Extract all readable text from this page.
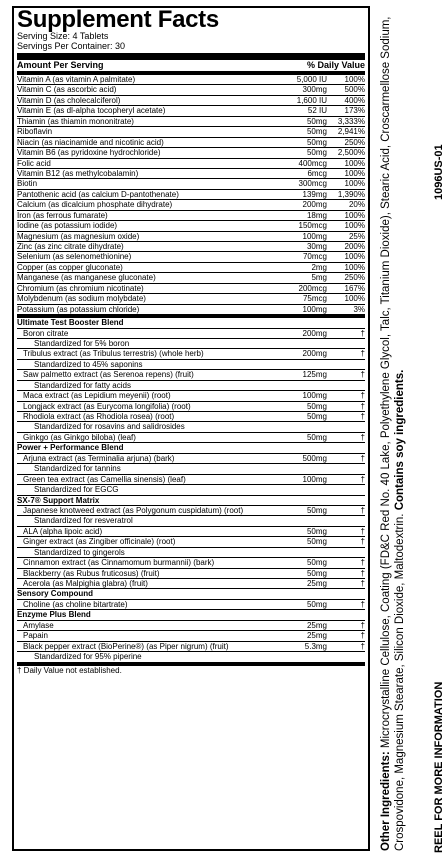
Supplement Facts
Serving Size: 4 Tablets
Servings Per Container: 30
Amount Per Serving	% Daily Value
Vitamin A (as vitamin A palmitate)	5,000 IU	100%
Vitamin C (as ascorbic acid)	300mg	500%
Vitamin D (as cholecalciferol)	1,600 IU	400%
Vitamin E (as dl-alpha tocopheryl acetate)	52 IU	173%
Thiamin (as thiamin mononitrate)	50mg	3,333%
Riboflavin	50mg	2,941%
Niacin (as niacinamide and nicotinic acid)	50mg	250%
Vitamin B6 (as pyridoxine hydrochloride)	50mg	2,500%
Folic acid	400mcg	100%
Vitamin B12 (as methylcobalamin)	6mcg	100%
Biotin	300mcg	100%
Pantothenic acid (as calcium D-pantothenate)	139mg	1,390%
Calcium (as dicalcium phosphate dihydrate)	200mg	20%
Iron (as ferrous fumarate)	18mg	100%
Iodine (as potassium iodide)	150mcg	100%
Magnesium (as magnesium oxide)	100mg	25%
Zinc (as zinc citrate dihydrate)	30mg	200%
Selenium (as selenomethionine)	70mcg	100%
Copper (as copper gluconate)	2mg	100%
Manganese (as manganese gluconate)	5mg	250%
Chromium (as chromium nicotinate)	200mcg	167%
Molybdenum (as sodium molybdate)	75mcg	100%
Potassium (as potassium chloride)	100mg	3%
Ultimate Test Booster Blend
Boron citrate	200mg	†
Standardized for 5% boron
Tribulus extract (as Tribulus terrestris) (whole herb)	200mg	†
Standardized to 45% saponins
Saw palmetto extract (as Serenoa repens) (fruit)	125mg	†
Standardized for fatty acids
Maca extract (as Lepidium meyenii) (root)	100mg	†
Longjack extract (as Eurycoma longifolia) (root)	50mg	†
Rhodiola extract (as Rhodiola rosea) (root)	50mg	†
Standardized for rosavins and salidrosides
Ginkgo (as Ginkgo biloba) (leaf)	50mg	†
Power + Performance Blend
Arjuna extract (as Terminalia arjuna) (bark)	500mg	†
Standardized for tannins
Green tea extract (as Camellia sinensis) (leaf)	100mg	†
Standardized for EGCG
SX-7® Support Matrix
Japanese knotweed extract (as Polygonum cuspidatum) (root)	50mg	†
Standardized for resveratrol
ALA (alpha lipoic acid)	50mg	†
Ginger extract (as Zingiber officinale) (root)	50mg	†
Standardized to gingerols
Cinnamon extract (as Cinnamomum burmannii) (bark)	50mg	†
Blackberry (as Rubus fruticosus) (fruit)	50mg	†
Acerola (as Malpighia glabra) (fruit)	25mg	†
Sensory Compound
Choline (as choline bitartrate)	50mg	†
Enzyme Plus Blend
Amylase	25mg	†
Papain	25mg	†
Black pepper extract (BioPerine®) (as Piper nigrum) (fruit)	5.3mg	†
Standardized for 95% piperine
† Daily Value not established.
Other Ingredients: Microcrystalline Cellulose, Coating (FD&C Red No. 40 Lake, Polyethylene Glycol, Talc, Titanium Dioxide), Stearic Acid, Croscarmellose Sodium, Crospovidone, Magnesium Stearate, Silicon Dioxide, Maltodextrin. Contains soy ingredients.
1096US-01
REEL FOR MORE INFORMATION
